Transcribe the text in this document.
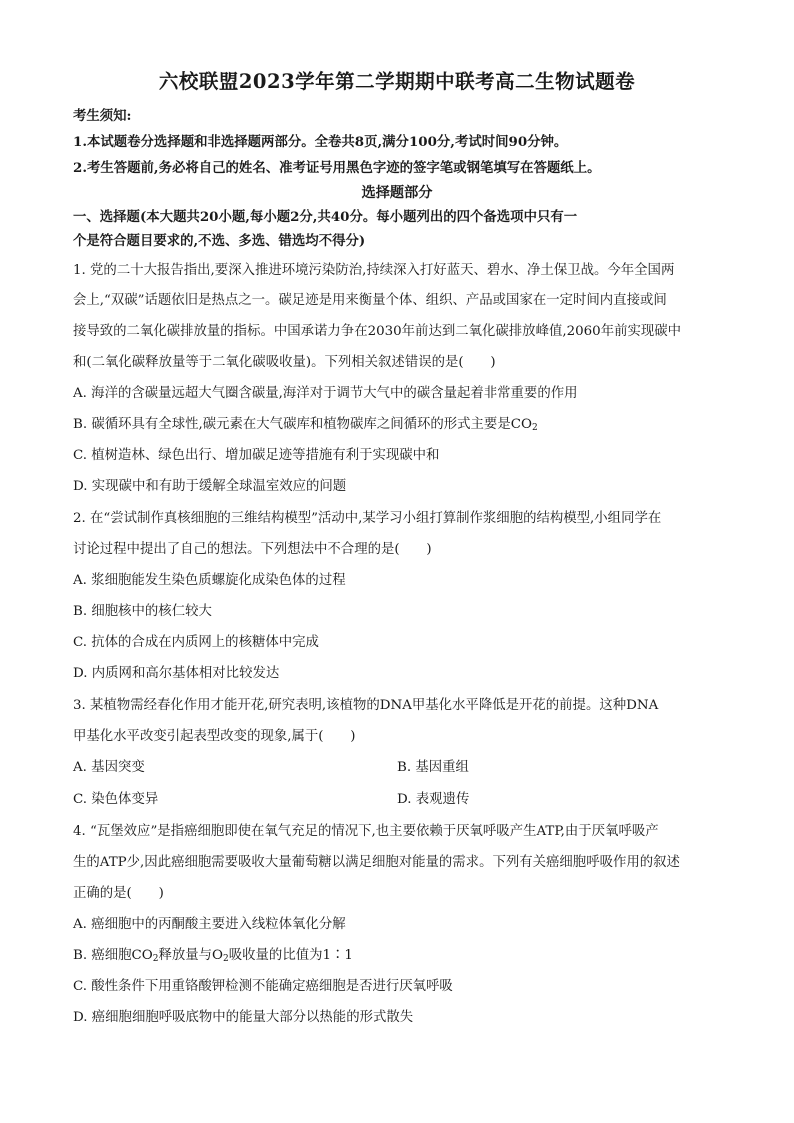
六校联盟2023学年第二学期期中联考高二生物试题卷
考生须知:
1.本试题卷分选择题和非选择题两部分。全卷共8页,满分100分,考试时间90分钟。
2.考生答题前,务必将自己的姓名、准考证号用黑色字迹的签字笔或钢笔填写在答题纸上。
选择题部分
一、选择题(本大题共20小题,每小题2分,共40分。每小题列出的四个备选项中只有一
个是符合题目要求的,不选、多选、错选均不得分)
1. 党的二十大报告指出,要深入推进环境污染防治,持续深入打好蓝天、碧水、净土保卫战。今年全国两
会上,“双碳”话题依旧是热点之一。碳足迹是用来衡量个体、组织、产品或国家在一定时间内直接或间
接导致的二氧化碳排放量的指标。中国承诺力争在2030年前达到二氧化碳排放峰值,2060年前实现碳中
和(二氧化碳释放量等于二氧化碳吸收量)。下列相关叙述错误的是(　　)
A. 海洋的含碳量远超大气圈含碳量,海洋对于调节大气中的碳含量起着非常重要的作用
B. 碳循环具有全球性,碳元素在大气碳库和植物碳库之间循环的形式主要是$CO_2$
C. 植树造林、绿色出行、增加碳足迹等措施有利于实现碳中和
D. 实现碳中和有助于缓解全球温室效应的问题
2. 在“尝试制作真核细胞的三维结构模型”活动中,某学习小组打算制作浆细胞的结构模型,小组同学在
讨论过程中提出了自己的想法。下列想法中不合理的是(　　)
A. 浆细胞能发生染色质螺旋化成染色体的过程
B. 细胞核中的核仁较大
C. 抗体的合成在内质网上的核糖体中完成
D. 内质网和高尔基体相对比较发达
3. 某植物需经春化作用才能开花,研究表明,该植物的DNA甲基化水平降低是开花的前提。这种DNA
甲基化水平改变引起表型改变的现象,属于(　　)
A. 基因突变	B. 基因重组
C. 染色体变异	D. 表观遗传
4. “瓦堡效应”是指癌细胞即使在氧气充足的情况下,也主要依赖于厌氧呼吸产生ATP,由于厌氧呼吸产
生的ATP少,因此癌细胞需要吸收大量葡萄糖以满足细胞对能量的需求。下列有关癌细胞呼吸作用的叙述
正确的是(　　)
A. 癌细胞中的丙酮酸主要进入线粒体氧化分解
B. 癌细胞$CO_2$释放量与$O_2$吸收量的比值为1∶1
C. 酸性条件下用重铬酸钾检测不能确定癌细胞是否进行厌氧呼吸
D. 癌细胞细胞呼吸底物中的能量大部分以热能的形式散失
